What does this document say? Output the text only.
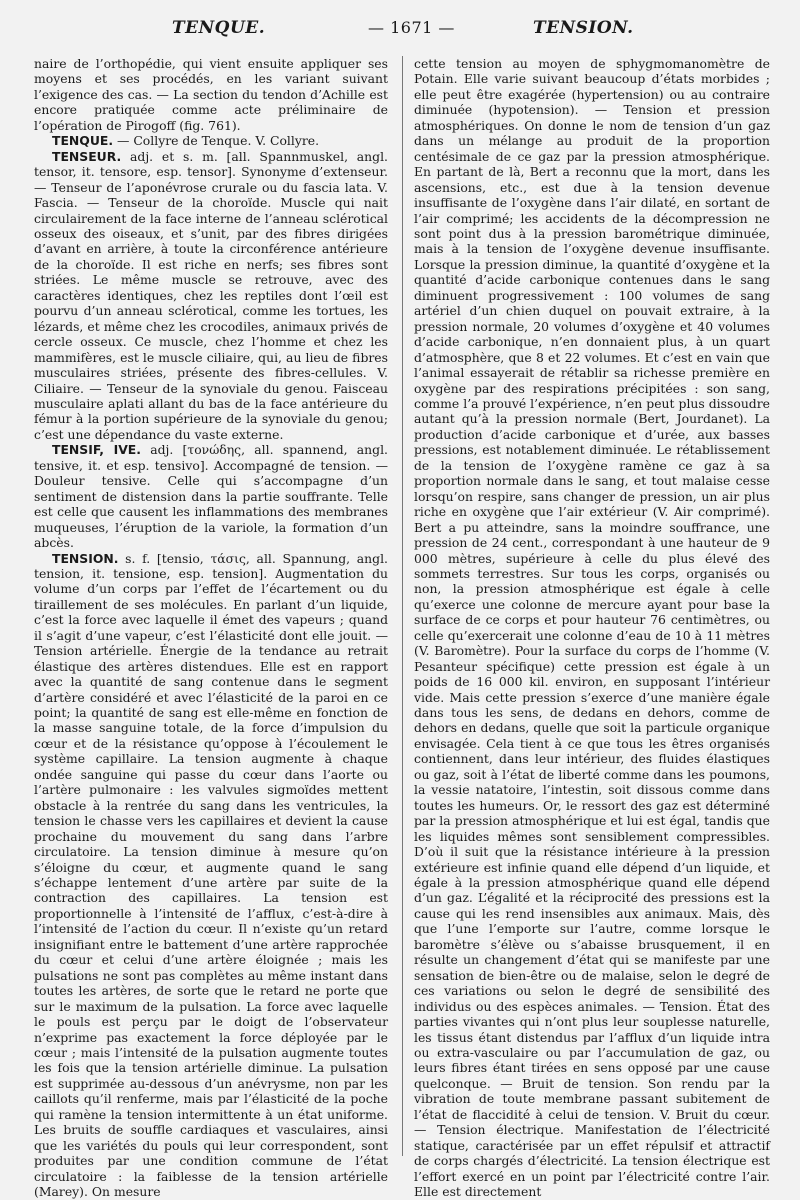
TENQUE.	— 1671 —	TENSION.

naire de l’orthopédie, qui vient ensuite appliquer ses moyens et ses procédés, en les variant suivant l’exigence des cas. — La section du tendon d’Achille est encore pratiquée comme acte préliminaire de l’opération de Pirogoff (fig. 761).

TENQUE. — Collyre de Tenque. V. Collyre.

TENSEUR. adj. et s. m. [all. Spannmuskel, angl. tensor, it. tensore, esp. tensor]. Synonyme d’extenseur. — Tenseur de l’aponévrose crurale ou du fascia lata. V. Fascia. — Tenseur de la choroïde. Muscle qui nait circulairement de la face interne de l’anneau sclérotical osseux des oiseaux, et s’unit, par des fibres dirigées d’avant en arrière, à toute la circonférence antérieure de la choroïde. Il est riche en nerfs; ses fibres sont striées. Le même muscle se retrouve, avec des caractères identiques, chez les reptiles dont l’œil est pourvu d’un anneau sclérotical, comme les tortues, les lézards, et même chez les crocodiles, animaux privés de cercle osseux. Ce muscle, chez l’homme et chez les mammifères, est le muscle ciliaire, qui, au lieu de fibres musculaires striées, présente des fibres-cellules. V. Ciliaire. — Tenseur de la synoviale du genou. Faisceau musculaire aplati allant du bas de la face antérieure du fémur à la portion supérieure de la synoviale du genou; c’est une dépendance du vaste externe.

TENSIF, IVE. adj. [τονώδης, all. spannend, angl. tensive, it. et esp. tensivo]. Accompagné de tension. — Douleur tensive. Celle qui s’accompagne d’un sentiment de distension dans la partie souffrante. Telle est celle que causent les inflammations des membranes muqueuses, l’éruption de la variole, la formation d’un abcès.

TENSION. s. f. [tensio, τάσις, all. Spannung, angl. tension, it. tensione, esp. tension]. Augmentation du volume d’un corps par l’effet de l’écartement ou du tiraillement de ses molécules. En parlant d’un liquide, c’est la force avec laquelle il émet des vapeurs ; quand il s’agit d’une vapeur, c’est l’élasticité dont elle jouit. — Tension artérielle. Énergie de la tendance au retrait élastique des artères distendues. Elle est en rapport avec la quantité de sang contenue dans le segment d’artère considéré et avec l’élasticité de la paroi en ce point; la quantité de sang est elle-même en fonction de la masse sanguine totale, de la force d’impulsion du cœur et de la résistance qu’oppose à l’écoulement le système capillaire. La tension augmente à chaque ondée sanguine qui passe du cœur dans l’aorte ou l’artère pulmonaire : les valvules sigmoïdes mettent obstacle à la rentrée du sang dans les ventricules, la tension le chasse vers les capillaires et devient la cause prochaine du mouvement du sang dans l’arbre circulatoire. La tension diminue à mesure qu’on s’éloigne du cœur, et augmente quand le sang s’échappe lentement d’une artère par suite de la contraction des capillaires. La tension est proportionnelle à l’intensité de l’afflux, c’est-à-dire à l’intensité de l’action du cœur. Il n’existe qu’un retard insignifiant entre le battement d’une artère rapprochée du cœur et celui d’une artère éloignée ; mais les pulsations ne sont pas complètes au même instant dans toutes les artères, de sorte que le retard ne porte que sur le maximum de la pulsation. La force avec laquelle le pouls est perçu par le doigt de l’observateur n’exprime pas exactement la force déployée par le cœur ; mais l’intensité de la pulsation augmente toutes les fois que la tension artérielle diminue. La pulsation est supprimée au-dessous d’un anévrysme, non par les caillots qu’il renferme, mais par l’élasticité de la poche qui ramène la tension intermittente à un état uniforme. Les bruits de souffle cardiaques et vasculaires, ainsi que les variétés du pouls qui leur correspondent, sont produites par une condition commune de l’état circulatoire : la faiblesse de la tension artérielle (Marey). On mesure

cette tension au moyen de sphygmomanomètre de Potain. Elle varie suivant beaucoup d’états morbides ; elle peut être exagérée (hypertension) ou au contraire diminuée (hypotension). — Tension et pression atmosphériques. On donne le nom de tension d’un gaz dans un mélange au produit de la proportion centésimale de ce gaz par la pression atmosphérique. En partant de là, Bert a reconnu que la mort, dans les ascensions, etc., est due à la tension devenue insuffisante de l’oxygène dans l’air dilaté, en sortant de l’air comprimé; les accidents de la décompression ne sont point dus à la pression barométrique diminuée, mais à la tension de l’oxygène devenue insuffisante. Lorsque la pression diminue, la quantité d’oxygène et la quantité d’acide carbonique contenues dans le sang diminuent progressivement : 100 volumes de sang artériel d’un chien duquel on pouvait extraire, à la pression normale, 20 volumes d’oxygène et 40 volumes d’acide carbonique, n’en donnaient plus, à un quart d’atmosphère, que 8 et 22 volumes. Et c’est en vain que l’animal essayerait de rétablir sa richesse première en oxygène par des respirations précipitées : son sang, comme l’a prouvé l’expérience, n’en peut plus dissoudre autant qu’à la pression normale (Bert, Jourdanet). La production d’acide carbonique et d’urée, aux basses pressions, est notablement diminuée. Le rétablissement de la tension de l’oxygène ramène ce gaz à sa proportion normale dans le sang, et tout malaise cesse lorsqu’on respire, sans changer de pression, un air plus riche en oxygène que l’air extérieur (V. Air comprimé). Bert a pu atteindre, sans la moindre souffrance, une pression de 24 cent., correspondant à une hauteur de 9 000 mètres, supérieure à celle du plus élevé des sommets terrestres. Sur tous les corps, organisés ou non, la pression atmosphérique est égale à celle qu’exerce une colonne de mercure ayant pour base la surface de ce corps et pour hauteur 76 centimètres, ou celle qu’exercerait une colonne d’eau de 10 à 11 mètres (V. Baromètre). Pour la surface du corps de l’homme (V. Pesanteur spécifique) cette pression est égale à un poids de 16 000 kil. environ, en supposant l’intérieur vide. Mais cette pression s’exerce d’une manière égale dans tous les sens, de dedans en dehors, comme de dehors en dedans, quelle que soit la particule organique envisagée. Cela tient à ce que tous les êtres organisés contiennent, dans leur intérieur, des fluides élastiques ou gaz, soit à l’état de liberté comme dans les poumons, la vessie natatoire, l’intestin, soit dissous comme dans toutes les humeurs. Or, le ressort des gaz est déterminé par la pression atmosphérique et lui est égal, tandis que les liquides mêmes sont sensiblement compressibles. D’où il suit que la résistance intérieure à la pression extérieure est infinie quand elle dépend d’un liquide, et égale à la pression atmosphérique quand elle dépend d’un gaz. L’égalité et la réciprocité des pressions est la cause qui les rend insensibles aux animaux. Mais, dès que l’une l’emporte sur l’autre, comme lorsque le baromètre s’élève ou s’abaisse brusquement, il en résulte un changement d’état qui se manifeste par une sensation de bien-être ou de malaise, selon le degré de ces variations ou selon le degré de sensibilité des individus ou des espèces animales. — Tension. État des parties vivantes qui n’ont plus leur souplesse naturelle, les tissus étant distendus par l’afflux d’un liquide intra ou extra-vasculaire ou par l’accumulation de gaz, ou leurs fibres étant tirées en sens opposé par une cause quelconque. — Bruit de tension. Son rendu par la vibration de toute membrane passant subitement de l’état de flaccidité à celui de tension. V. Bruit du cœur. — Tension électrique. Manifestation de l’électricité statique, caractérisée par un effet répulsif et attractif de corps chargés d’électricité. La tension électrique est l’effort exercé en un point par l’électricité contre l’air. Elle est directement
